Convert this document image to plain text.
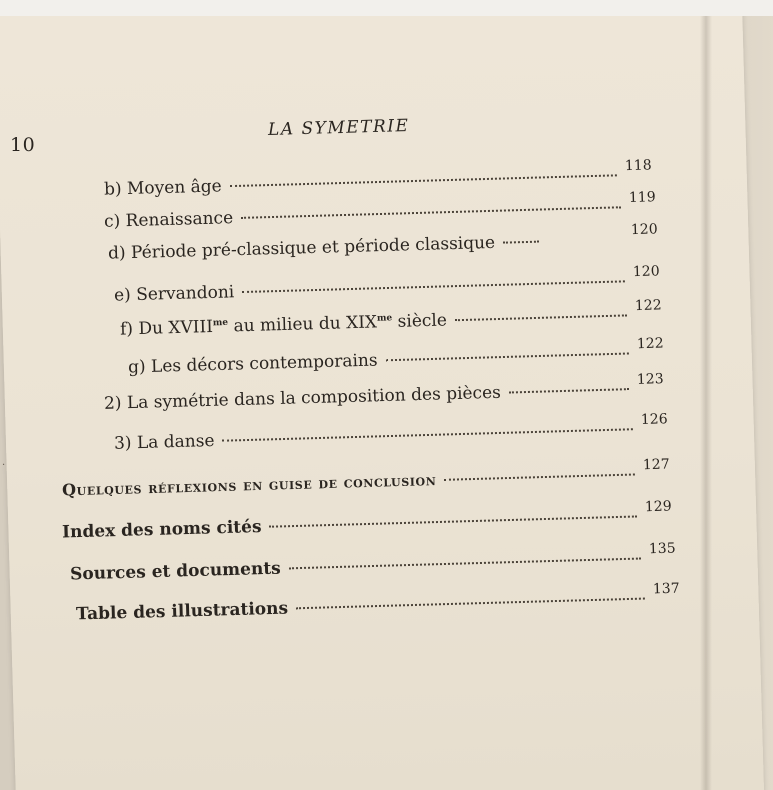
10
LA SYMETRIE
b) Moyen âge
118
c) Renaissance
119
d) Période pré-classique et période classique
120
e) Servandoni
120
f) Du $XVIII^{me}$ au milieu du $XIX^{me}$ siècle
122
g) Les décors contemporains
122
2) La symétrie dans la composition des pièces
123
3) La danse
126
Quelques réflexions en guise de conclusion
127
Index des noms cités
129
Sources et documents
135
Table des illustrations
137
·
